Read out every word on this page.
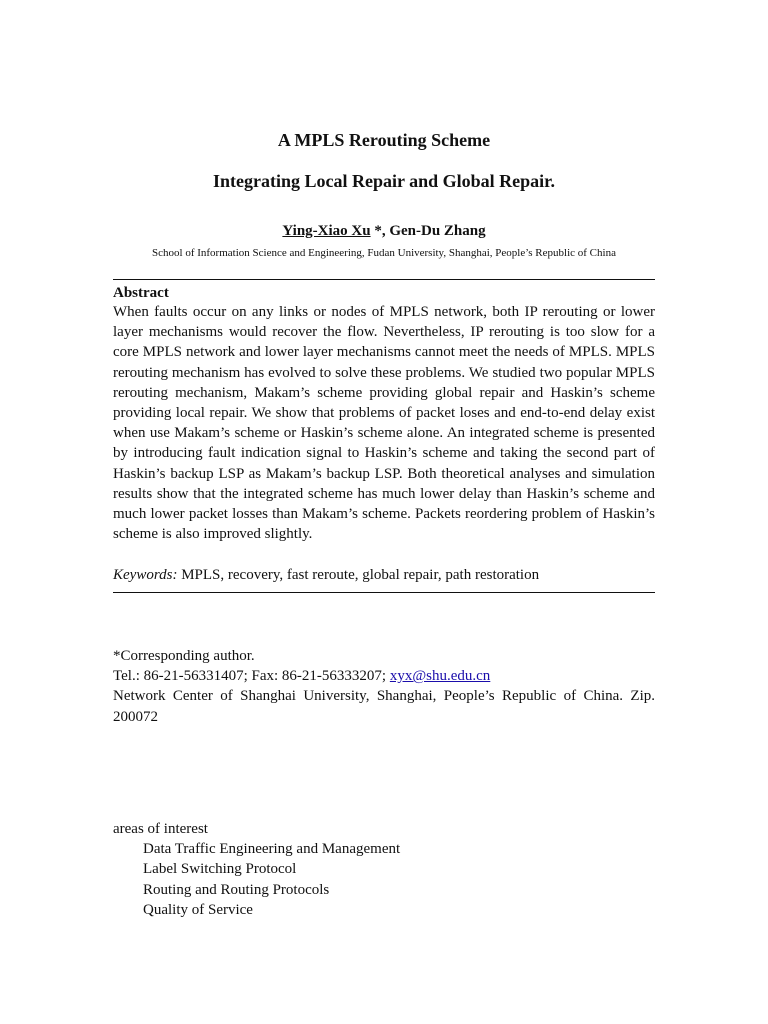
A MPLS Rerouting Scheme
Integrating Local Repair and Global Repair.
Ying-Xiao Xu *, Gen-Du Zhang
School of Information Science and Engineering, Fudan University, Shanghai, People’s Republic of China
Abstract
When faults occur on any links or nodes of MPLS network, both IP rerouting or lower layer mechanisms would recover the flow. Nevertheless, IP rerouting is too slow for a core MPLS network and lower layer mechanisms cannot meet the needs of MPLS. MPLS rerouting mechanism has evolved to solve these problems. We studied two popular MPLS rerouting mechanism, Makam’s scheme providing global repair and Haskin’s scheme providing local repair. We show that problems of packet loses and end-to-end delay exist when use Makam’s scheme or Haskin’s scheme alone. An integrated scheme is presented by introducing fault indication signal to Haskin’s scheme and taking the second part of Haskin’s backup LSP as Makam’s backup LSP. Both theoretical analyses and simulation results show that the integrated scheme has much lower delay than Haskin’s scheme and much lower packet losses than Makam’s scheme. Packets reordering problem of Haskin’s scheme is also improved slightly.
Keywords: MPLS, recovery, fast reroute, global repair, path restoration
*Corresponding author.
Tel.: 86-21-56331407; Fax: 86-21-56333207; xyx@shu.edu.cn
Network Center of Shanghai University, Shanghai, People’s Republic of China. Zip.
200072
areas of interest
Data Traffic Engineering and Management
Label Switching Protocol
Routing and Routing Protocols
Quality of Service
